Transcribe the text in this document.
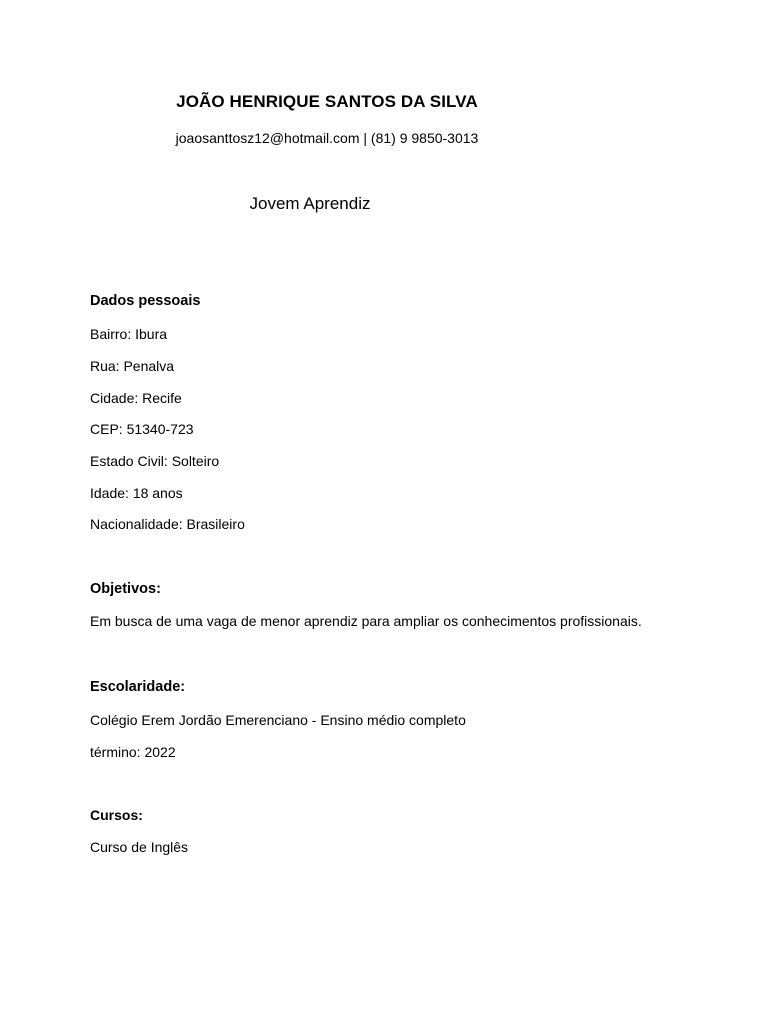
JOÃO HENRIQUE SANTOS DA SILVA
joaosanttosz12@hotmail.com | (81) 9 9850-3013
Jovem Aprendiz
Dados pessoais
Bairro: Ibura
Rua: Penalva
Cidade: Recife
CEP: 51340-723
Estado Civil: Solteiro
Idade: 18 anos
Nacionalidade: Brasileiro
Objetivos:
Em busca de uma vaga de menor aprendiz para ampliar os conhecimentos profissionais.
Escolaridade:
Colégio Erem Jordão Emerenciano - Ensino médio completo
término: 2022
Cursos:
Curso de Inglês
